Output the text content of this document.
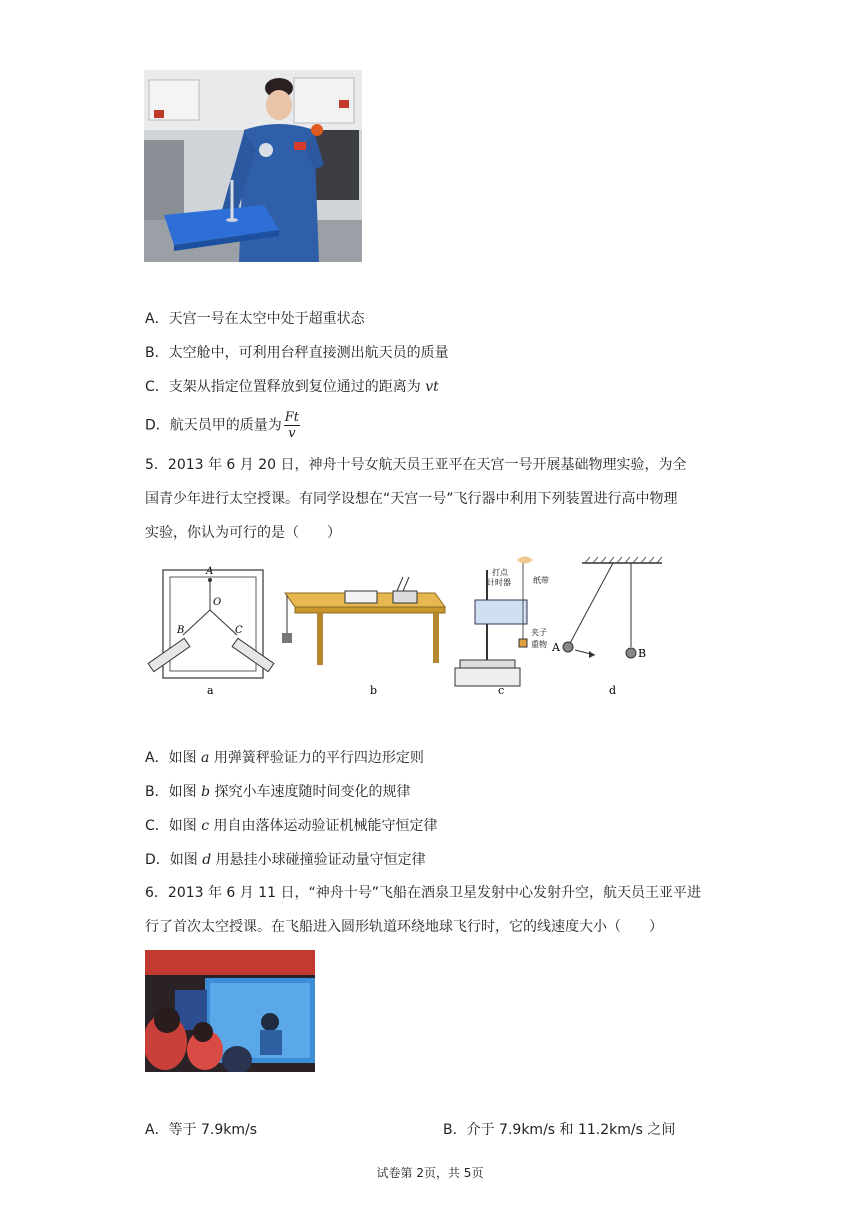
A．天宫一号在太空中处于超重状态
B．太空舱中，可利用台秤直接测出航天员的质量
C．支架从指定位置释放到复位通过的距离为 vt
D．航天员甲的质量为 $\frac{Ft}{v}$
5．2013 年 6 月 20 日，神舟十号女航天员王亚平在天宫一号开展基础物理实验，为全
国青少年进行太空授课。有同学设想在“天宫一号”飞行器中利用下列装置进行高中物理
实验，你认为可行的是（　　）
A
O
B	C
a	b
打点
计时器	纸带
夹子
重物
c
A	B
d
A．如图 a 用弹簧秤验证力的平行四边形定则
B．如图 b 探究小车速度随时间变化的规律
C．如图 c 用自由落体运动验证机械能守恒定律
D．如图 d 用悬挂小球碰撞验证动量守恒定律
6．2013 年 6 月 11 日，“神舟十号”飞船在酒泉卫星发射中心发射升空，航天员王亚平进
行了首次太空授课。在飞船进入圆形轨道环绕地球飞行时，它的线速度大小（　　）
A．等于 7.9km/s	B．介于 7.9km/s 和 11.2km/s 之间
试卷第 2页，共 5页
